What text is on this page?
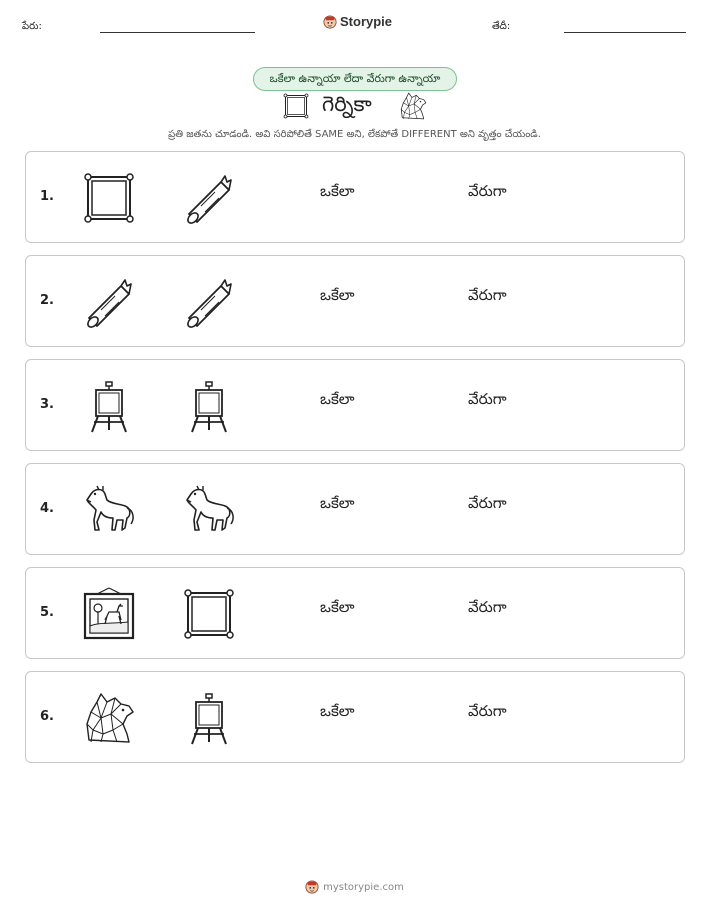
పేరు:	Storypie	తేదీ:
ఒకేలా ఉన్నాయా లేదా వేరుగా ఉన్నాయా
గెర్నికా
ప్రతి జతను చూడండి. అవి సరిపోలితే SAME అని, లేకపోతే DIFFERENT అని వృత్తం చేయండి.
1.	ఒకేలా	వేరుగా
2.	ఒకేలా	వేరుగా
3.	ఒకేలా	వేరుగా
4.	ఒకేలా	వేరుగా
5.	ఒకేలా	వేరుగా
6.	ఒకేలా	వేరుగా
mystorypie.com
